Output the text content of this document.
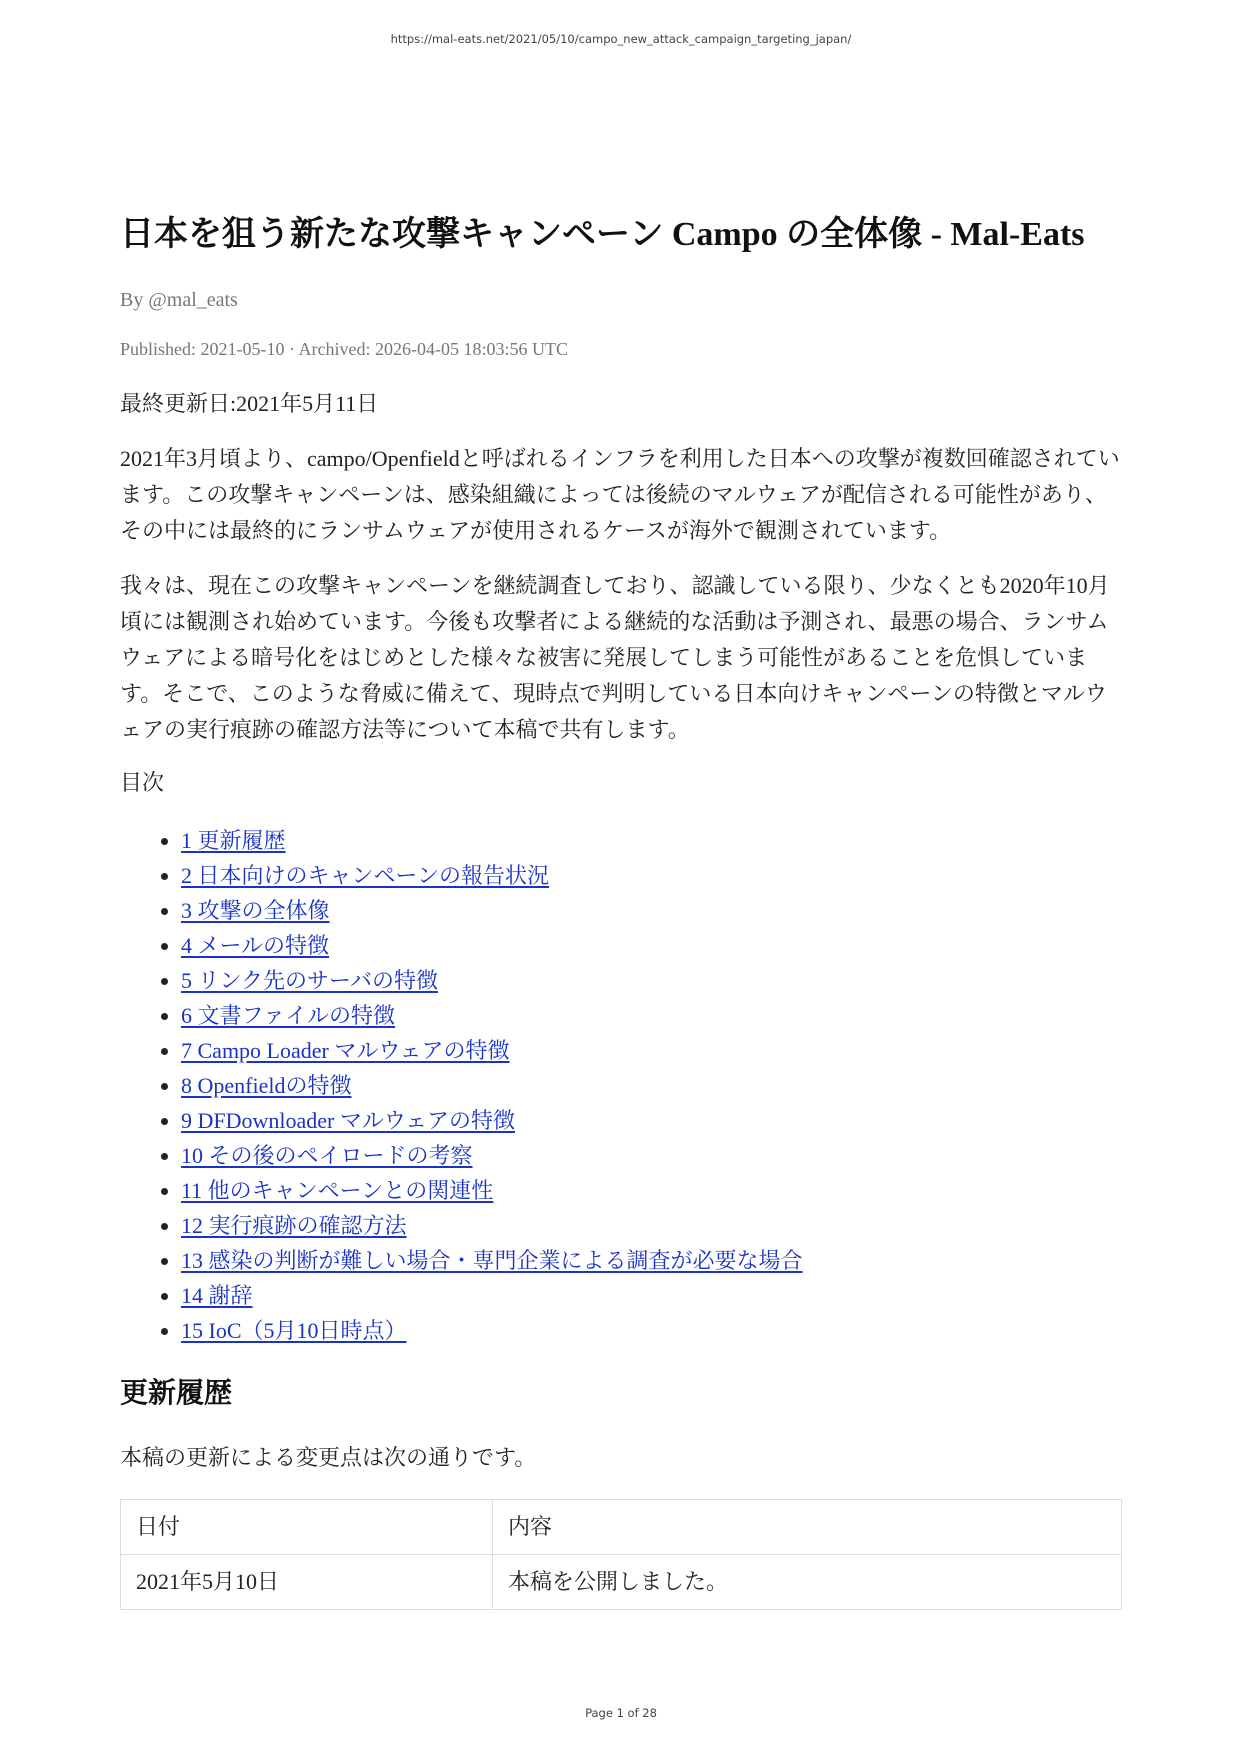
https://mal-eats.net/2021/05/10/campo_new_attack_campaign_targeting_japan/
日本を狙う新たな攻撃キャンペーン Campo の全体像 - Mal-Eats

By @mal_eats

Published: 2021-05-10 · Archived: 2026-04-05 18:03:56 UTC

最終更新日:2021年5月11日

2021年3月頃より、campo/Openfieldと呼ばれるインフラを利用した日本への攻撃が複数回確認されています。この攻撃キャンペーンは、感染組織によっては後続のマルウェアが配信される可能性があり、その中には最終的にランサムウェアが使用されるケースが海外で観測されています。

我々は、現在この攻撃キャンペーンを継続調査しており、認識している限り、少なくとも2020年10月頃には観測され始めています。今後も攻撃者による継続的な活動は予測され、最悪の場合、ランサムウェアによる暗号化をはじめとした様々な被害に発展してしまう可能性があることを危惧しています。そこで、このような脅威に備えて、現時点で判明している日本向けキャンペーンの特徴とマルウェアの実行痕跡の確認方法等について本稿で共有します。

目次

• 1 更新履歴
• 2 日本向けのキャンペーンの報告状況
• 3 攻撃の全体像
• 4 メールの特徴
• 5 リンク先のサーバの特徴
• 6 文書ファイルの特徴
• 7 Campo Loader マルウェアの特徴
• 8 Openfieldの特徴
• 9 DFDownloader マルウェアの特徴
• 10 その後のペイロードの考察
• 11 他のキャンペーンとの関連性
• 12 実行痕跡の確認方法
• 13 感染の判断が難しい場合・専門企業による調査が必要な場合
• 14 謝辞
• 15 IoC（5月10日時点）
更新履歴

本稿の更新による変更点は次の通りです。

日付	内容
2021年5月10日	本稿を公開しました。
Page 1 of 28
